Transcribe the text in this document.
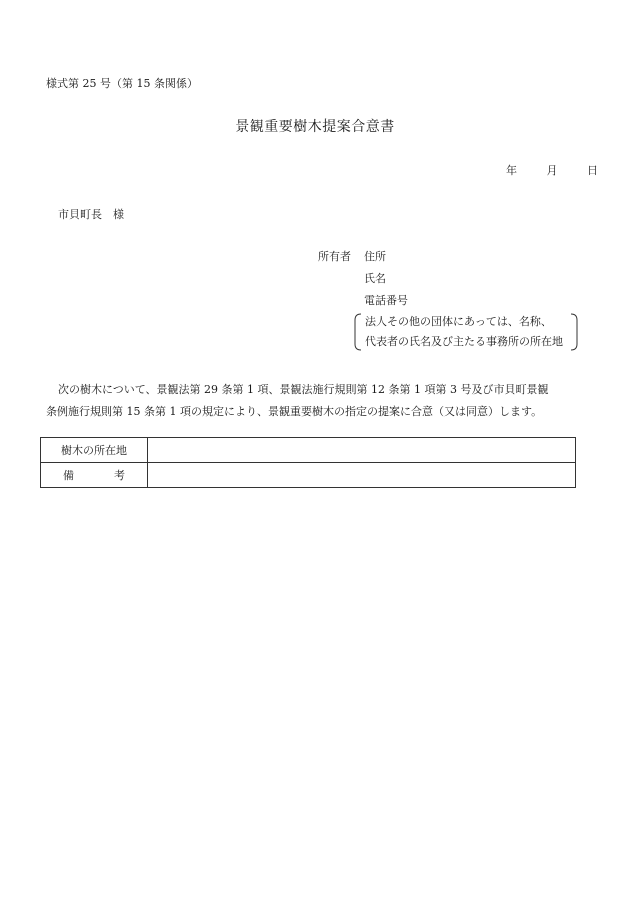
様式第 25 号（第 15 条関係）
景観重要樹木提案合意書
年	月	日
市貝町長　様
所有者 住所
氏名
電話番号
法人その他の団体にあっては、名称、
代表者の氏名及び主たる事務所の所在地
次の樹木について、景観法第 29 条第 1 項、景観法施行規則第 12 条第 1 項第 3 号及び市貝町景観
条例施行規則第 15 条第 1 項の規定により、景観重要樹木の指定の提案に合意（又は同意）します。
樹木の所在地	
備考	
